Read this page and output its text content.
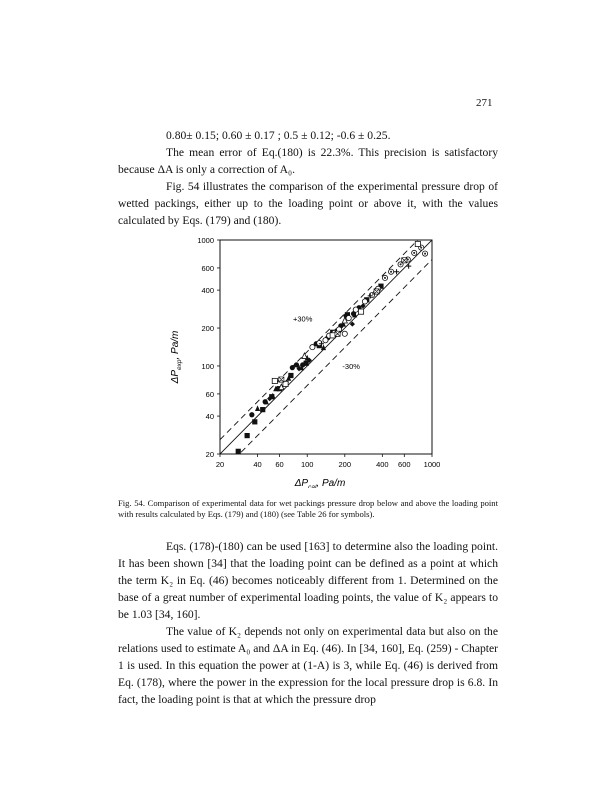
271

0.80± 0.15; 0.60 ± 0.17 ; 0.5 ± 0.12; -0.6 ± 0.25.

The mean error of Eq.(180) is 22.3%. This precision is satisfactory because ΔA is only a correction of A₀.

Fig. 54 illustrates the comparison of the experimental pressure drop of wetted packings, either up to the loading point or above it, with the values calculated by Eqs. (179) and (180).

20	40 60 100	200	400 600 1000
1000
600
400
200
100
60
40
20
+30%
-30%
$\Delta P_{cal}$, Pa/m
$\Delta P_{exp}$, Pa/m
Fig. 54. Comparison of experimental data for wet packings pressure drop below and above the loading point with results calculated by Eqs. (179) and (180) (see Table 26 for symbols).

Eqs. (178)-(180) can be used [163] to determine also the loading point. It has been shown [34] that the loading point can be defined as a point at which the term K₂ in Eq. (46) becomes noticeably different from 1. Determined on the base of a great number of experimental loading points, the value of K₂ appears to be 1.03 [34, 160].

The value of K₂ depends not only on experimental data but also on the relations used to estimate A₀ and ΔA in Eq. (46). In [34, 160], Eq. (259) - Chapter 1 is used. In this equation the power at (1-A) is 3, while Eq. (46) is derived from Eq. (178), where the power in the expression for the local pressure drop is 6.8. In fact, the loading point is that at which the pressure drop
